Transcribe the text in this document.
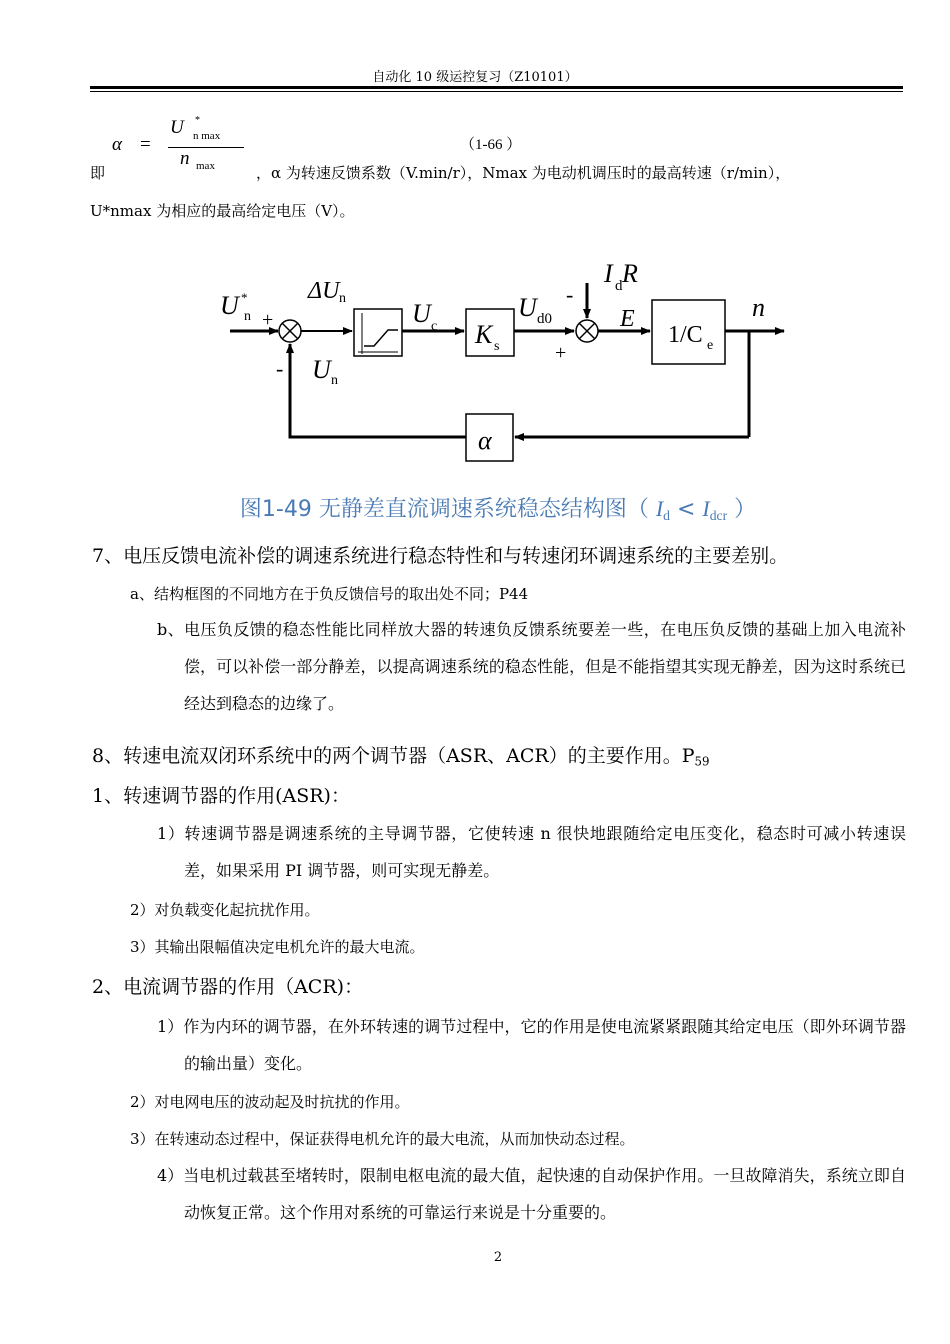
自动化 10 级运控复习（Z10101）
α =
U *
n max
n max
（1-66 ）
即	，α 为转速反馈系数（V.min/r），Nmax 为电动机调压时的最高转速（r/min），
U*nmax 为相应的最高给定电压（V）。
U *
n +
-
ΔU n
U c K s
U d0
-
+
I d R
E
1/C e
n
U n
α
图1-49 无静差直流调速系统稳态结构图（ $I_d < I_{dcr}$ ）
7、电压反馈电流补偿的调速系统进行稳态特性和与转速闭环调速系统的主要差别。
a、结构框图的不同地方在于负反馈信号的取出处不同；P44
b、电压负反馈的稳态性能比同样放大器的转速负反馈系统要差一些，在电压负反馈的基础上加入电流补偿，可以补偿一部分静差，以提高调速系统的稳态性能，但是不能指望其实现无静差，因为这时系统已经达到稳态的边缘了。
8、转速电流双闭环系统中的两个调节器（ASR、ACR）的主要作用。$P_{59}$
1、转速调节器的作用(ASR)：
1）转速调节器是调速系统的主导调节器，它使转速 n 很快地跟随给定电压变化，稳态时可减小转速误差，如果采用 PI 调节器，则可实现无静差。
2）对负载变化起抗扰作用。
3）其输出限幅值决定电机允许的最大电流。
2、电流调节器的作用（ACR)：
1）作为内环的调节器，在外环转速的调节过程中，它的作用是使电流紧紧跟随其给定电压（即外环调节器的输出量）变化。
2）对电网电压的波动起及时抗扰的作用。
3）在转速动态过程中，保证获得电机允许的最大电流，从而加快动态过程。
4）当电机过载甚至堵转时，限制电枢电流的最大值，起快速的自动保护作用。一旦故障消失，系统立即自动恢复正常。这个作用对系统的可靠运行来说是十分重要的。
2
